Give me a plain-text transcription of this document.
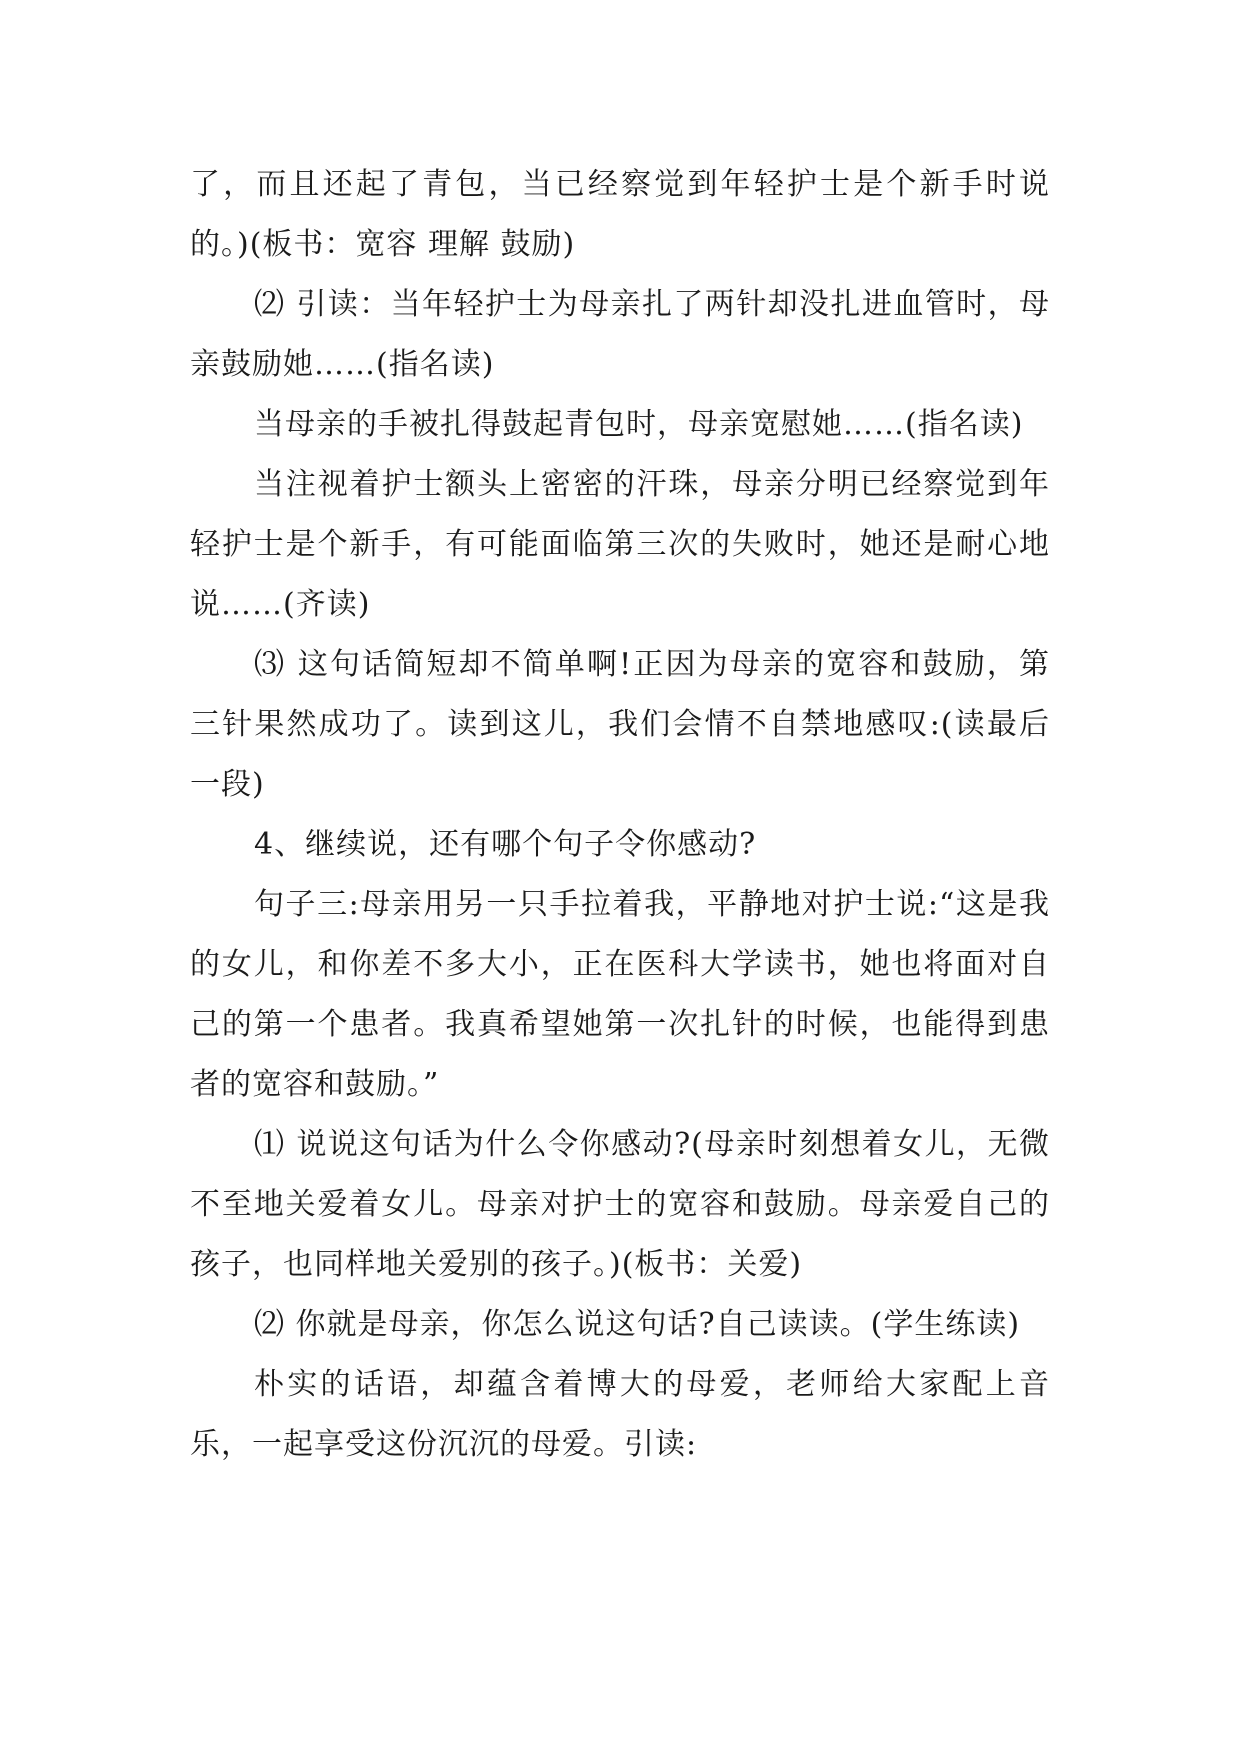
了，而且还起了青包，当已经察觉到年轻护士是个新手时说的。)(板书：宽容 理解 鼓励)

⑵ 引读：当年轻护士为母亲扎了两针却没扎进血管时，母亲鼓励她……(指名读)

当母亲的手被扎得鼓起青包时，母亲宽慰她……(指名读)

当注视着护士额头上密密的汗珠，母亲分明已经察觉到年轻护士是个新手，有可能面临第三次的失败时，她还是耐心地说……(齐读)

⑶ 这句话简短却不简单啊!正因为母亲的宽容和鼓励，第三针果然成功了。读到这儿，我们会情不自禁地感叹:(读最后一段)

4、继续说，还有哪个句子令你感动?

句子三:母亲用另一只手拉着我，平静地对护士说:“这是我的女儿，和你差不多大小，正在医科大学读书，她也将面对自己的第一个患者。我真希望她第一次扎针的时候，也能得到患者的宽容和鼓励。”

⑴ 说说这句话为什么令你感动?(母亲时刻想着女儿，无微不至地关爱着女儿。母亲对护士的宽容和鼓励。母亲爱自己的孩子，也同样地关爱别的孩子。)(板书：关爱)

⑵ 你就是母亲，你怎么说这句话?自己读读。(学生练读)

朴实的话语，却蕴含着博大的母爱，老师给大家配上音乐，一起享受这份沉沉的母爱。引读:
